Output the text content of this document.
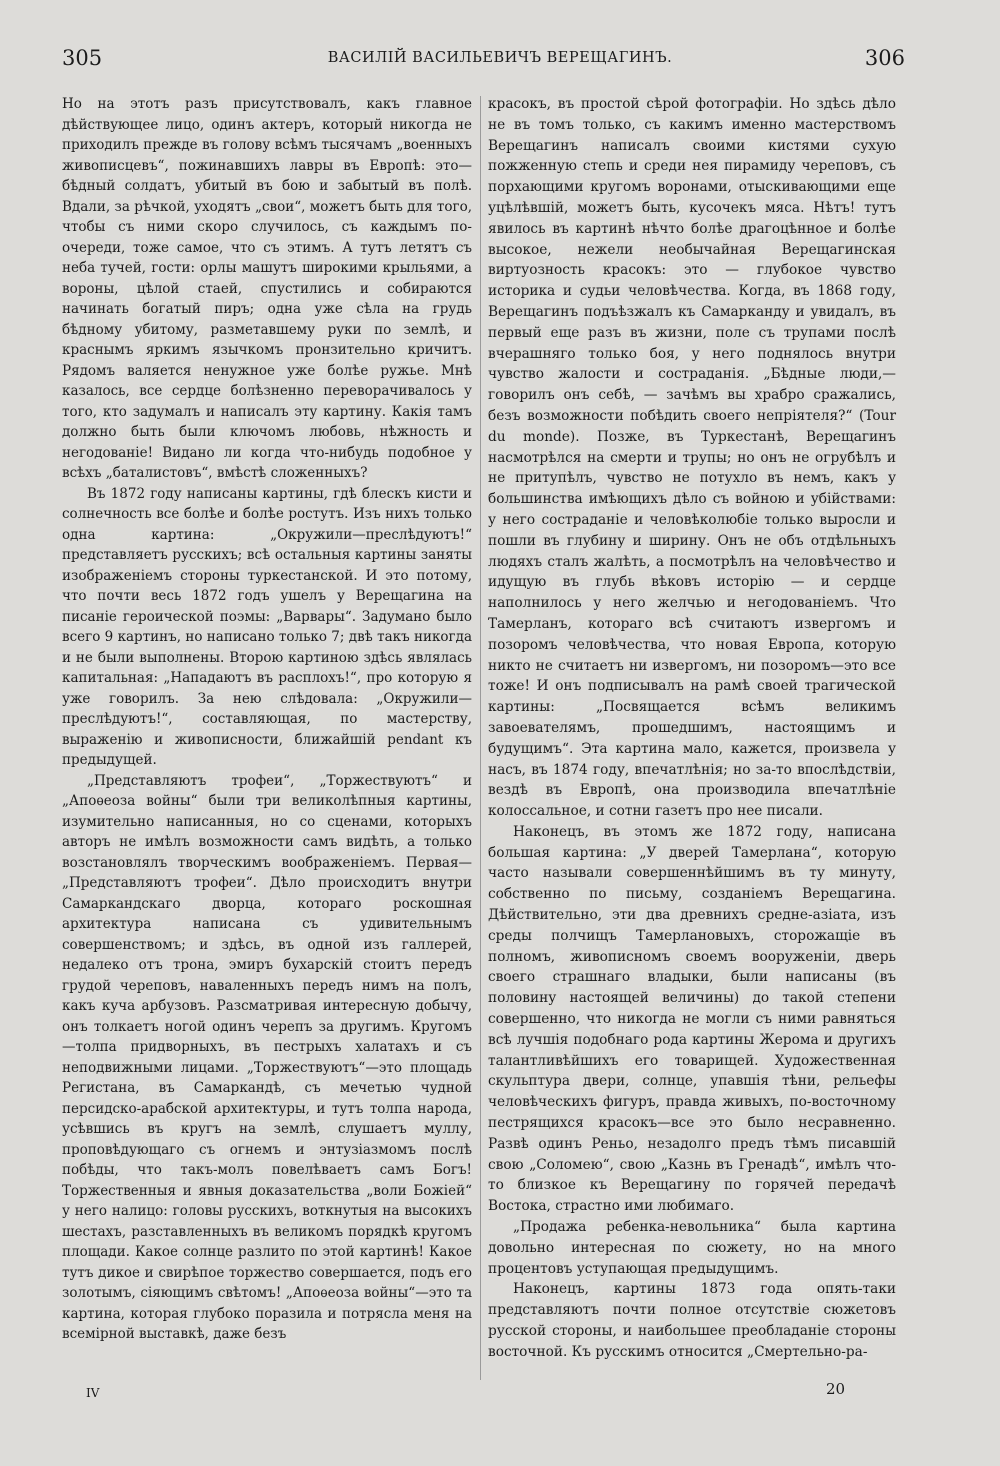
305	ВАСИЛІЙ ВАСИЛЬЕВИЧЪ ВЕРЕЩАГИНЪ.	306

Но на этотъ разъ присутствовалъ, какъ главное дѣйствующее лицо, одинъ актеръ, который никогда не приходилъ прежде въ голову всѣмъ тысячамъ „военныхъ живописцевъ“, пожинавшихъ лавры въ Европѣ: это—бѣдный солдатъ, убитый въ бою и забытый въ полѣ. Вдали, за рѣчкой, уходятъ „свои“, можетъ быть для того, чтобы съ ними скоро случилось, съ каждымъ по-очереди, тоже самое, что съ этимъ. А тутъ летятъ съ неба тучей, гости: орлы машутъ широкими крыльями, а вороны, цѣлой стаей, спустились и собираются начинать богатый пиръ; одна уже сѣла на грудь бѣдному убитому, разметавшему руки по землѣ, и краснымъ яркимъ язычкомъ пронзительно кричитъ. Рядомъ валяется ненужное уже болѣе ружье. Мнѣ казалось, все сердце болѣзненно переворачивалось у того, кто задумалъ и написалъ эту картину. Какія тамъ должно быть были ключомъ любовь, нѣжность и негодованіе! Видано ли когда что-нибудь подобное у всѣхъ „баталистовъ“, вмѣстѣ сложенныхъ?

Въ 1872 году написаны картины, гдѣ блескъ кисти и солнечность все болѣе и болѣе ростутъ. Изъ нихъ только одна картина: „Окружили—преслѣдуютъ!“ представляетъ русскихъ; всѣ остальныя картины заняты изображеніемъ стороны туркестанской. И это потому, что почти весь 1872 годъ ушелъ у Верещагина на писаніе героической поэмы: „Варвары“. Задумано было всего 9 картинъ, но написано только 7; двѣ такъ никогда и не были выполнены. Второю картиною здѣсь являлась капитальная: „Нападаютъ въ расплохъ!“, про которую я уже говорилъ. За нею слѣдовала: „Окружили—преслѣдуютъ!“, составляющая, по мастерству, выраженію и живописности, ближайшій pendant къ предыдущей.

„Представляютъ трофеи“, „Торжествуютъ“ и „Апоѳеоза войны“ были три великолѣпныя картины, изумительно написанныя, но со сценами, которыхъ авторъ не имѣлъ возможности самъ видѣть, а только возстановлялъ творческимъ воображеніемъ. Первая—„Представляютъ трофеи“. Дѣло происходитъ внутри Самаркандскаго дворца, котораго роскошная архитектура написана съ удивительнымъ совершенствомъ; и здѣсь, въ одной изъ галлерей, недалеко отъ трона, эмиръ бухарскій стоитъ передъ грудой череповъ, наваленныхъ передъ нимъ на полъ, какъ куча арбузовъ. Разсматривая интересную добычу, онъ толкаетъ ногой одинъ черепъ за другимъ. Кругомъ—толпа придворныхъ, въ пестрыхъ халатахъ и съ неподвижными лицами. „Торжествуютъ“—это площадь Регистана, въ Самаркандѣ, съ мечетью чудной персидско-арабской архитектуры, и тутъ толпа народа, усѣвшись въ кругъ на землѣ, слушаетъ муллу, проповѣдующаго съ огнемъ и энтузіазмомъ послѣ побѣды, что такъ-молъ повелѣваетъ самъ Богъ! Торжественныя и явныя доказательства „воли Божіей“ у него налицо: головы русскихъ, воткнутыя на высокихъ шестахъ, разставленныхъ въ великомъ порядкѣ кругомъ площади. Какое солнце разлито по этой картинѣ! Какое тутъ дикое и свирѣпое торжество совершается, подъ его золотымъ, сіяющимъ свѣтомъ! „Апоѳеоза войны“—это та картина, которая глубоко поразила и потрясла меня на всемірной выставкѣ, даже безъ

красокъ, въ простой сѣрой фотографіи. Но здѣсь дѣло не въ томъ только, съ какимъ именно мастерствомъ Верещагинъ написалъ своими кистями сухую пожженную степь и среди нея пирамиду череповъ, съ порхающими кругомъ воронами, отыскивающими еще уцѣлѣвшій, можетъ быть, кусочекъ мяса. Нѣтъ! тутъ явилось въ картинѣ нѣчто болѣе драгоцѣнное и болѣе высокое, нежели необычайная Верещагинская виртуозность красокъ: это — глубокое чувство историка и судьи человѣчества. Когда, въ 1868 году, Верещагинъ подъѣзжалъ къ Самарканду и увидалъ, въ первый еще разъ въ жизни, поле съ трупами послѣ вчерашняго только боя, у него поднялось внутри чувство жалости и состраданія. „Бѣдные люди,—говорилъ онъ себѣ, — зачѣмъ вы храбро сражались, безъ возможности побѣдить своего непріятеля?“ (Tour du monde). Позже, въ Туркестанѣ, Верещагинъ насмотрѣлся на смерти и трупы; но онъ не огрубѣлъ и не притупѣлъ, чувство не потухло въ немъ, какъ у большинства имѣющихъ дѣло съ войною и убійствами: у него состраданіе и человѣколюбіе только выросли и пошли въ глубину и ширину. Онъ не объ отдѣльныхъ людяхъ сталъ жалѣть, а посмотрѣлъ на человѣчество и идущую въ глубь вѣковъ исторію — и сердце наполнилось у него желчью и негодованіемъ. Что Тамерланъ, котораго всѣ считаютъ извергомъ и позоромъ человѣчества, что новая Европа, которую никто не считаетъ ни извергомъ, ни позоромъ—это все тоже! И онъ подписывалъ на рамѣ своей трагической картины: „Посвящается всѣмъ великимъ завоевателямъ, прошедшимъ, настоящимъ и будущимъ“. Эта картина мало, кажется, произвела у насъ, въ 1874 году, впечатлѣнія; но за-то впослѣдствіи, вездѣ въ Европѣ, она производила впечатлѣніе колоссальное, и сотни газетъ про нее писали.

Наконецъ, въ этомъ же 1872 году, написана большая картина: „У дверей Тамерлана“, которую часто называли совершеннѣйшимъ въ ту минуту, собственно по письму, созданіемъ Верещагина. Дѣйствительно, эти два древнихъ средне-азіата, изъ среды полчищъ Тамерлановыхъ, сторожащіе въ полномъ, живописномъ своемъ вооруженіи, дверь своего страшнаго владыки, были написаны (въ половину настоящей величины) до такой степени совершенно, что никогда не могли съ ними равняться всѣ лучшія подобнаго рода картины Жерома и другихъ талантливѣйшихъ его товарищей. Художественная скульптура двери, солнце, упавшія тѣни, рельефы человѣческихъ фигуръ, правда живыхъ, по-восточному пестрящихся красокъ—все это было несравненно. Развѣ одинъ Реньо, незадолго предъ тѣмъ писавшій свою „Соломею“, свою „Казнь въ Гренадѣ“, имѣлъ что-то близкое къ Верещагину по горячей передачѣ Востока, страстно ими любимаго.

„Продажа ребенка-невольника“ была картина довольно интересная по сюжету, но на много процентовъ уступающая предыдущимъ.

Наконецъ, картины 1873 года опять-таки представляютъ почти полное отсутствіе сюжетовъ русской стороны, и наибольшее преобладаніе стороны восточной. Къ русскимъ относится „Смертельно-ра-

IV	20
